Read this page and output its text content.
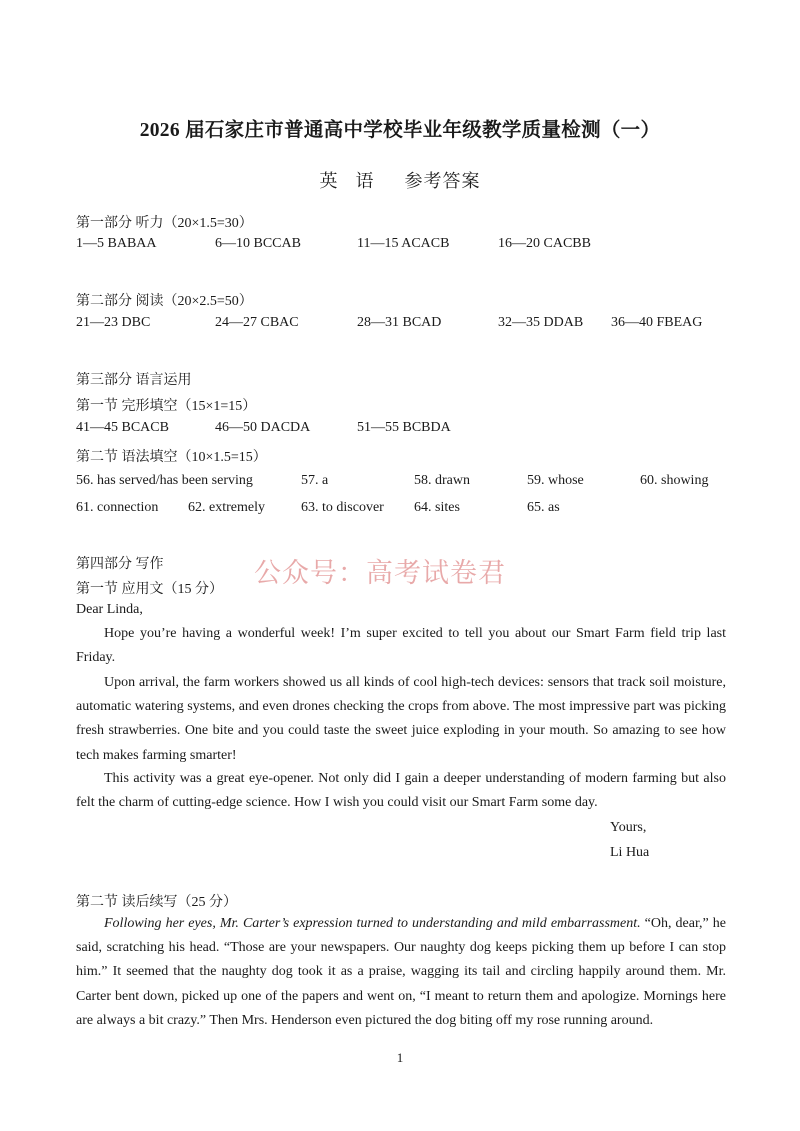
2026 届石家庄市普通高中学校毕业年级教学质量检测（一）
英　语 参考答案
第一部分 听力（20×1.5=30）
1—5 BABAA	6—10 BCCAB	11—15 ACACB	16—20 CACBB
第二部分 阅读（20×2.5=50）
21—23 DBC	24—27 CBAC	28—31 BCAD	32—35 DDAB 36—40 FBEAG
第三部分 语言运用
第一节 完形填空（15×1=15）
41—45 BCACB	46—50 DACDA	51—55 BCBDA
第二节 语法填空（10×1.5=15）
56. has served/has been serving	57. a	58. drawn	59. whose	60. showing
61. connection 62. extremely	63. to discover 64. sites	65. as
公众号：高考试卷君
第四部分 写作
第一节 应用文（15 分）
Dear Linda,
Hope you’re having a wonderful week! I’m super excited to tell you about our Smart Farm field trip last Friday.
Upon arrival, the farm workers showed us all kinds of cool high-tech devices: sensors that track soil moisture, automatic watering systems, and even drones checking the crops from above. The most impressive part was picking fresh strawberries. One bite and you could taste the sweet juice exploding in your mouth. So amazing to see how tech makes farming smarter!
This activity was a great eye-opener. Not only did I gain a deeper understanding of modern farming but also felt the charm of cutting-edge science. How I wish you could visit our Smart Farm some day.
Yours,
Li Hua
第二节 读后续写（25 分）
Following her eyes, Mr. Carter’s expression turned to understanding and mild embarrassment. “Oh, dear,” he said, scratching his head. “Those are your newspapers. Our naughty dog keeps picking them up before I can stop him.” It seemed that the naughty dog took it as a praise, wagging its tail and circling happily around them. Mr. Carter bent down, picked up one of the papers and went on, “I meant to return them and apologize. Mornings here are always a bit crazy.” Then Mrs. Henderson even pictured the dog biting off my rose running around.
1
